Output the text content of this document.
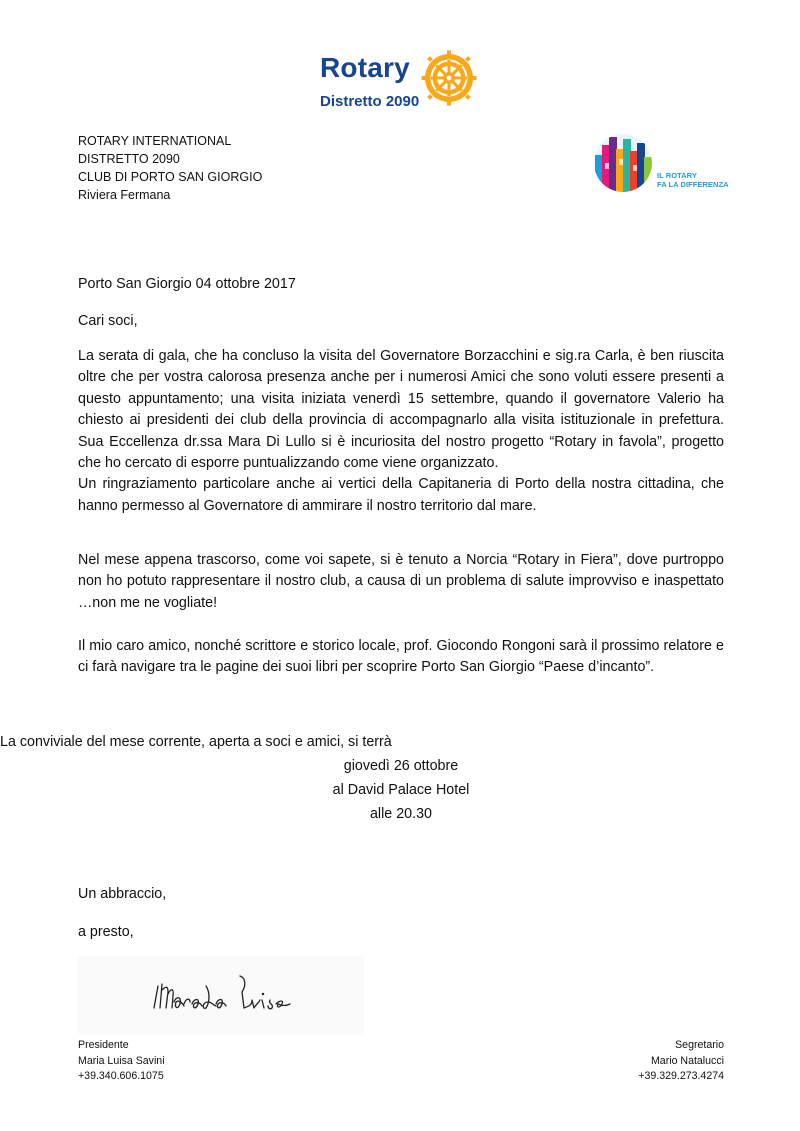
Rotary
Distretto 2090
ROTARY INTERNATIONAL
DISTRETTO 2090
CLUB DI PORTO SAN GIORGIO
Riviera Fermana
IL ROTARY
FA LA DIFFERENZA
Porto San Giorgio 04 ottobre 2017
Cari soci,
La serata di gala, che ha concluso la visita del Governatore Borzacchini e sig.ra Carla, è ben riuscita oltre che per vostra calorosa presenza anche per i numerosi Amici che sono voluti essere presenti a questo appuntamento; una visita iniziata venerdì 15 settembre, quando il governatore Valerio ha chiesto ai presidenti dei club della provincia di accompagnarlo alla visita istituzionale in prefettura. Sua Eccellenza dr.ssa Mara Di Lullo si è incuriosita del nostro progetto “Rotary in favola”, progetto che ho cercato di esporre puntualizzando come viene organizzato.
Un ringraziamento particolare anche ai vertici della Capitaneria di Porto della nostra cittadina, che hanno permesso al Governatore di ammirare il nostro territorio dal mare.
Nel mese appena trascorso, come voi sapete, si è tenuto a Norcia “Rotary in Fiera”, dove purtroppo non ho potuto rappresentare il nostro club, a causa di un problema di salute improvviso e inaspettato …non me ne vogliate!
Il mio caro amico, nonché scrittore e storico locale, prof. Giocondo Rongoni sarà il prossimo relatore e ci farà navigare tra le pagine dei suoi libri per scoprire Porto San Giorgio “Paese d’incanto”.
La conviviale del mese corrente, aperta a soci e amici, si terrà
giovedì 26 ottobre
al David Palace Hotel
alle 20.30
Un abbraccio,
a presto,
Presidente
Maria Luisa Savini
+39.340.606.1075
Segretario
Mario Natalucci
+39.329.273.4274
